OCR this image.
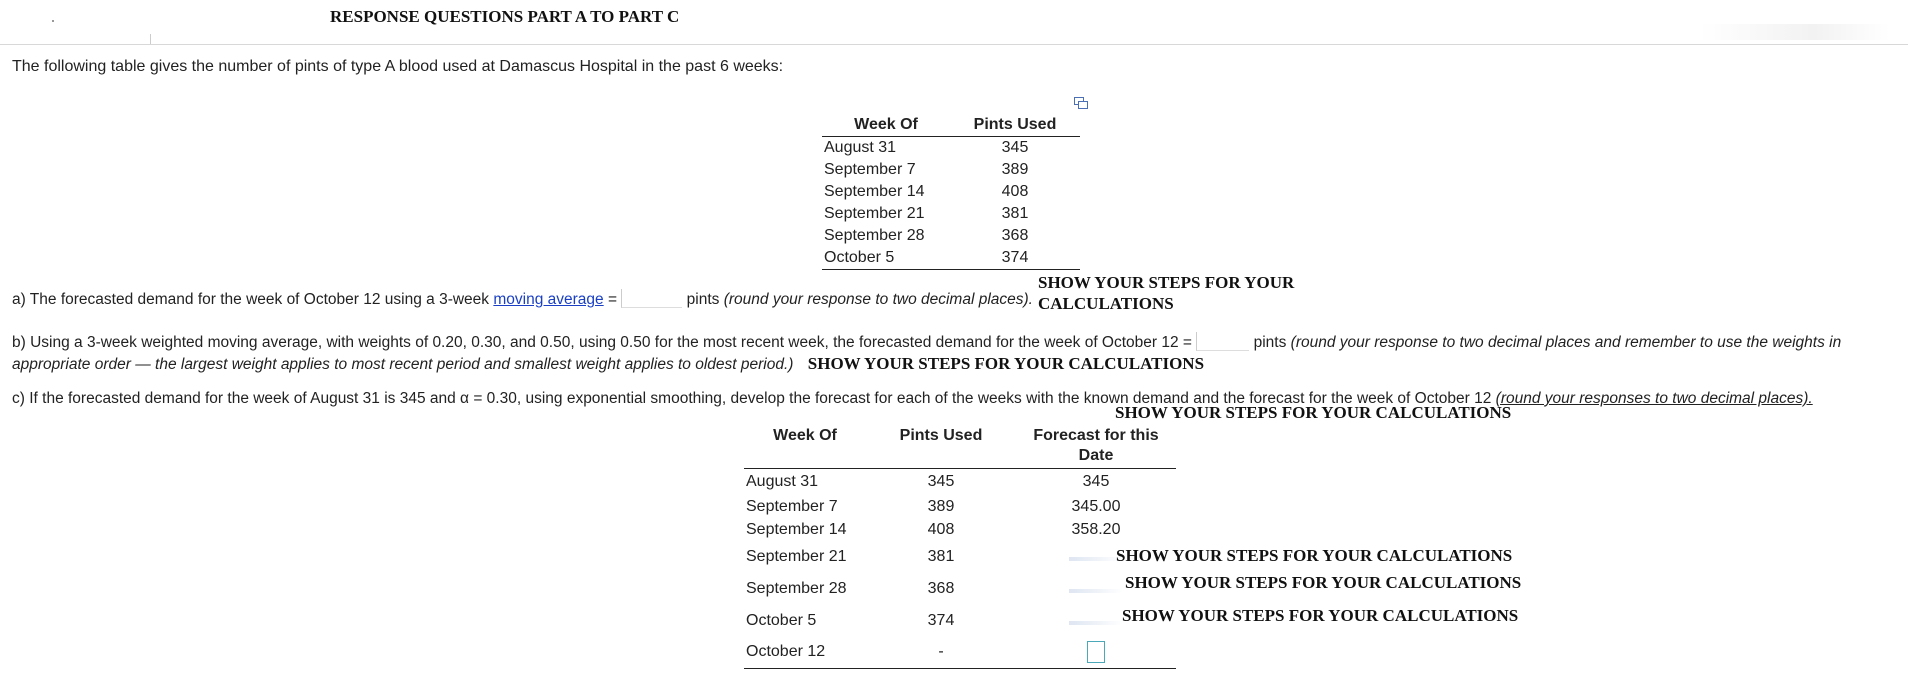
RESPONSE QUESTIONS PART A TO PART C
The following table gives the number of pints of type A blood used at Damascus Hospital in the past 6 weeks:
Week Of	Pints Used
August 31	345
September 7	389
September 14	408
September 21	381
September 28	368
October 5	374
SHOW YOUR STEPS FOR YOUR
CALCULATIONS
a) The forecasted demand for the week of October 12 using a 3-week moving average =	pints (round your response to two decimal places).
b) Using a 3-week weighted moving average, with weights of 0.20, 0.30, and 0.50, using 0.50 for the most recent week, the forecasted demand for the week of October 12 =	pints (round your response to two decimal places and remember to use the weights in
appropriate order — the largest weight applies to most recent period and smallest weight applies to oldest period.) SHOW YOUR STEPS FOR YOUR CALCULATIONS
c) If the forecasted demand for the week of August 31 is 345 and α = 0.30, using exponential smoothing, develop the forecast for each of the weeks with the known demand and the forecast for the week of October 12 (round your responses to two decimal places).
SHOW YOUR STEPS FOR YOUR CALCULATIONS
Week Of	Pints Used	Forecast for this Date
August 31	345	345
September 7	389	345.00
September 14	408	358.20
September 21	381	
September 28	368	
October 5	374	
October 12	-	
SHOW YOUR STEPS FOR YOUR CALCULATIONS
SHOW YOUR STEPS FOR YOUR CALCULATIONS
SHOW YOUR STEPS FOR YOUR CALCULATIONS
